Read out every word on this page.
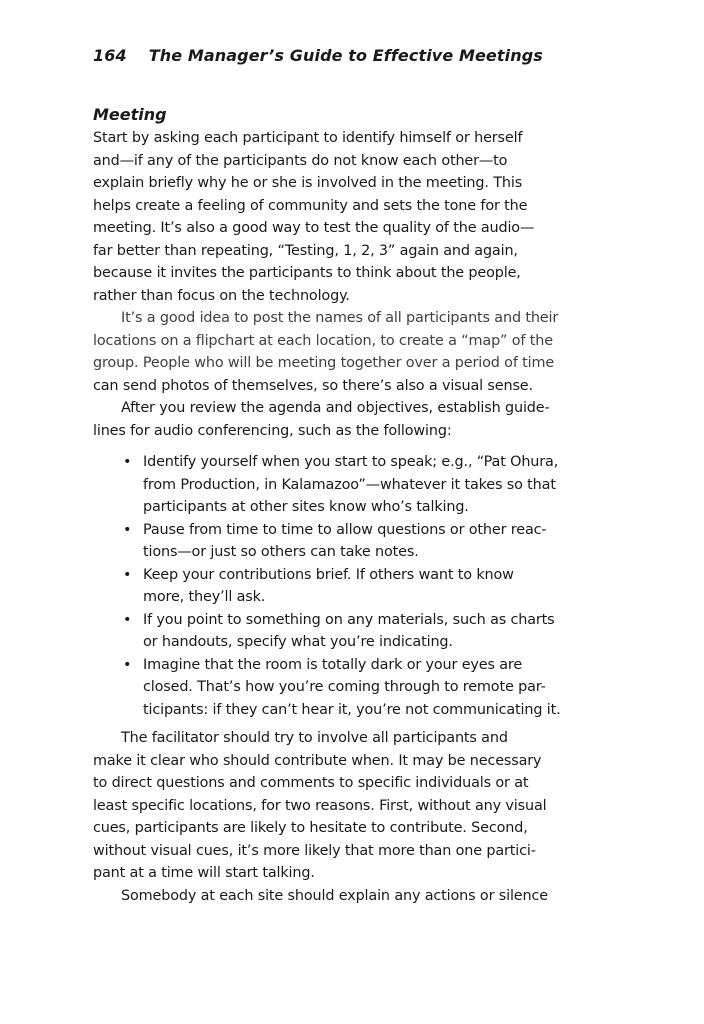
164 The Manager’s Guide to Effective Meetings
Meeting

Start by asking each participant to identify himself or herself
and—if any of the participants do not know each other—to
explain briefly why he or she is involved in the meeting. This
helps create a feeling of community and sets the tone for the
meeting. It’s also a good way to test the quality of the audio—
far better than repeating, “Testing, 1, 2, 3” again and again,
because it invites the participants to think about the people,
rather than focus on the technology.

It’s a good idea to post the names of all participants and their
locations on a flipchart at each location, to create a “map” of the
group. People who will be meeting together over a period of time
can send photos of themselves, so there’s also a visual sense.

After you review the agenda and objectives, establish guide-
lines for audio conferencing, such as the following:

• Identify yourself when you start to speak; e.g., “Pat Ohura,
from Production, in Kalamazoo”—whatever it takes so that
participants at other sites know who’s talking.
• Pause from time to time to allow questions or other reac-
tions—or just so others can take notes.
• Keep your contributions brief. If others want to know
more, they’ll ask.
• If you point to something on any materials, such as charts
or handouts, specify what you’re indicating.
• Imagine that the room is totally dark or your eyes are
closed. That’s how you’re coming through to remote par-
ticipants: if they can’t hear it, you’re not communicating it.

The facilitator should try to involve all participants and
make it clear who should contribute when. It may be necessary
to direct questions and comments to specific individuals or at
least specific locations, for two reasons. First, without any visual
cues, participants are likely to hesitate to contribute. Second,
without visual cues, it’s more likely that more than one partici-
pant at a time will start talking.

Somebody at each site should explain any actions or silence
